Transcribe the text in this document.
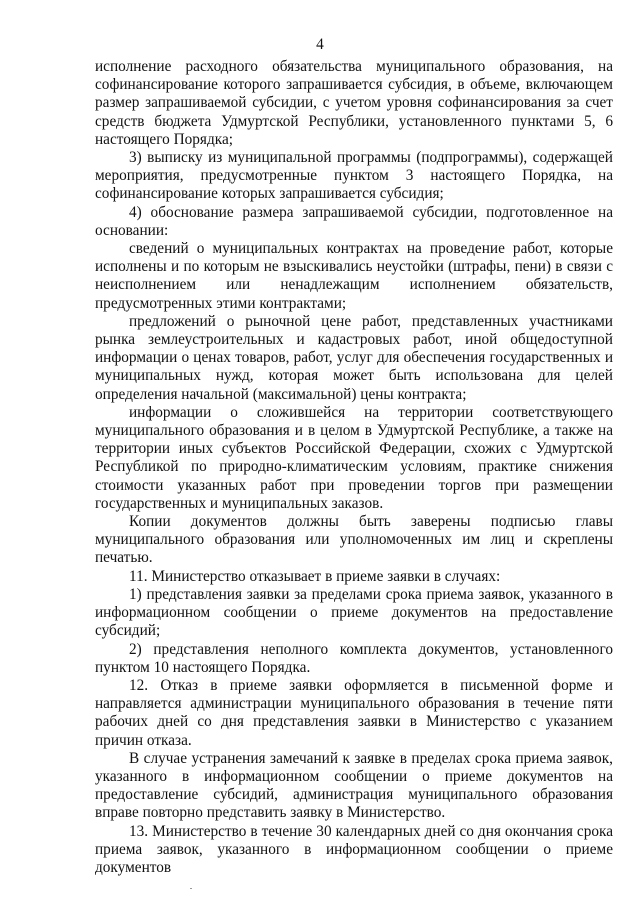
4
исполнение расходного обязательства муниципального образования, на
софинансирование которого запрашивается субсидия, в объеме, включающем
размер запрашиваемой субсидии, с учетом уровня софинансирования за счет
средств бюджета Удмуртской Республики, установленного пунктами 5, 6
настоящего Порядка;

3) выписку из муниципальной программы (подпрограммы), содержащей мероприятия, предусмотренные пунктом 3 настоящего Порядка, на софинансирование которых запрашивается субсидия;

4) обоснование размера запрашиваемой субсидии, подготовленное на основании:

сведений о муниципальных контрактах на проведение работ, которые исполнены и по которым не взыскивались неустойки (штрафы, пени) в связи с неисполнением или ненадлежащим исполнением обязательств, предусмотренных этими контрактами;

предложений о рыночной цене работ, представленных участниками рынка землеустроительных и кадастровых работ, иной общедоступной информации о ценах товаров, работ, услуг для обеспечения государственных и муниципальных нужд, которая может быть использована для целей определения начальной (максимальной) цены контракта;

информации о сложившейся на территории соответствующего муниципального образования и в целом в Удмуртской Республике, а также на территории иных субъектов Российской Федерации, схожих с Удмуртской Республикой по природно-климатическим условиям, практике снижения стоимости указанных работ при проведении торгов при размещении государственных и муниципальных заказов.

Копии документов должны быть заверены подписью главы муниципального образования или уполномоченных им лиц и скреплены печатью.

11. Министерство отказывает в приеме заявки в случаях:

1) представления заявки за пределами срока приема заявок, указанного в информационном сообщении о приеме документов на предоставление субсидий;

2) представления неполного комплекта документов, установленного пунктом 10 настоящего Порядка.

12. Отказ в приеме заявки оформляется в письменной форме и направляется администрации муниципального образования в течение пяти рабочих дней со дня представления заявки в Министерство с указанием причин отказа.

В случае устранения замечаний к заявке в пределах срока приема заявок, указанного в информационном сообщении о приеме документов на предоставление субсидий, администрация муниципального образования вправе повторно представить заявку в Министерство.

13. Министерство в течение 30 календарных дней со дня окончания срока
приема заявок, указанного в информационном сообщении о приеме документов
